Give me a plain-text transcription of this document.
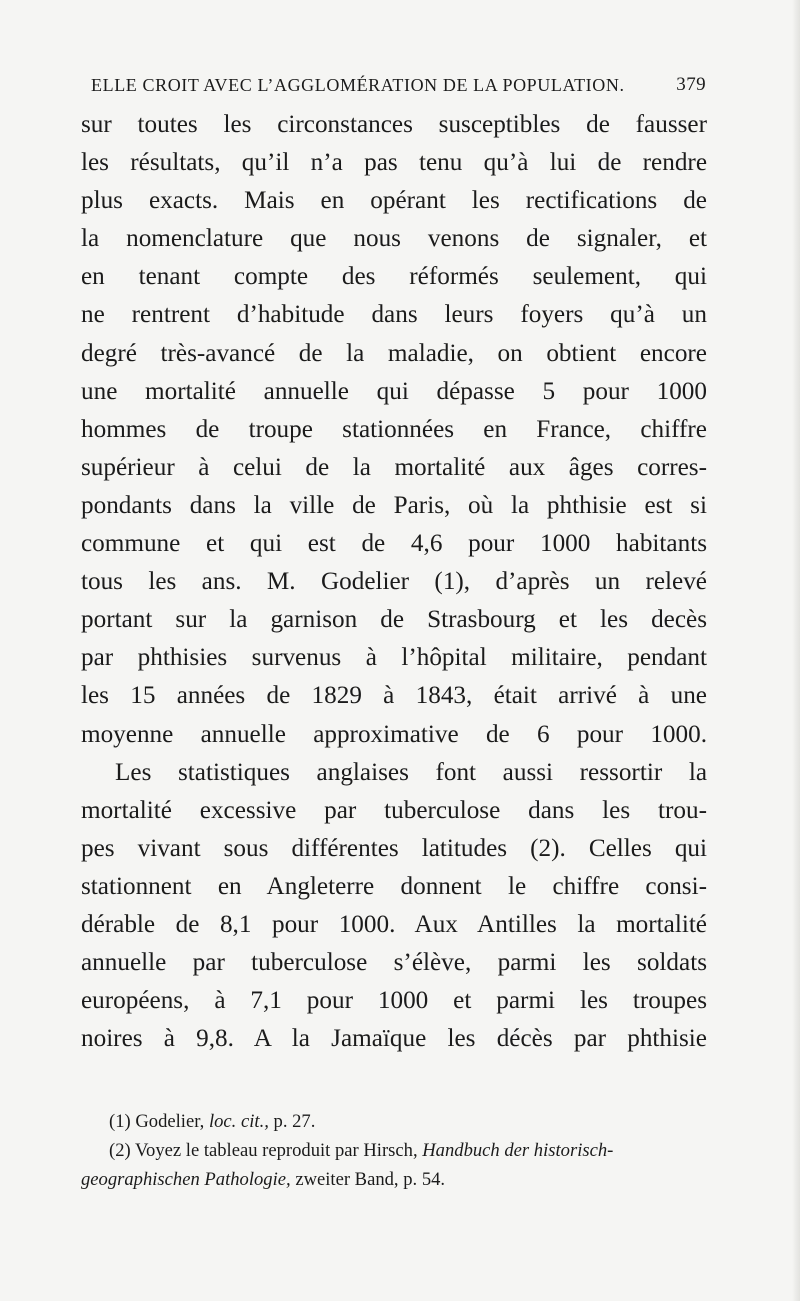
ELLE CROIT AVEC L’AGGLOMÉRATION DE LA POPULATION.	379
sur toutes les circonstances susceptibles de fausser
les résultats, qu’il n’a pas tenu qu’à lui de rendre
plus exacts. Mais en opérant les rectifications de
la nomenclature que nous venons de signaler, et
en tenant compte des réformés seulement, qui
ne rentrent d’habitude dans leurs foyers qu’à un
degré très-avancé de la maladie, on obtient encore
une mortalité annuelle qui dépasse 5 pour 1000
hommes de troupe stationnées en France, chiffre
supérieur à celui de la mortalité aux âges corres-
pondants dans la ville de Paris, où la phthisie est si
commune et qui est de 4,6 pour 1000 habitants
tous les ans. M. Godelier (1), d’après un relevé
portant sur la garnison de Strasbourg et les decès
par phthisies survenus à l’hôpital militaire, pendant
les 15 années de 1829 à 1843, était arrivé à une
moyenne annuelle approximative de 6 pour 1000.
Les statistiques anglaises font aussi ressortir la
mortalité excessive par tuberculose dans les trou-
pes vivant sous différentes latitudes (2). Celles qui
stationnent en Angleterre donnent le chiffre consi-
dérable de 8,1 pour 1000. Aux Antilles la mortalité
annuelle par tuberculose s’élève, parmi les soldats
européens, à 7,1 pour 1000 et parmi les troupes
noires à 9,8. A la Jamaïque les décès par phthisie
(1) Godelier, loc. cit., p. 27.
(2) Voyez le tableau reproduit par Hirsch, Handbuch der historisch-
geographischen Pathologie, zweiter Band, p. 54.
